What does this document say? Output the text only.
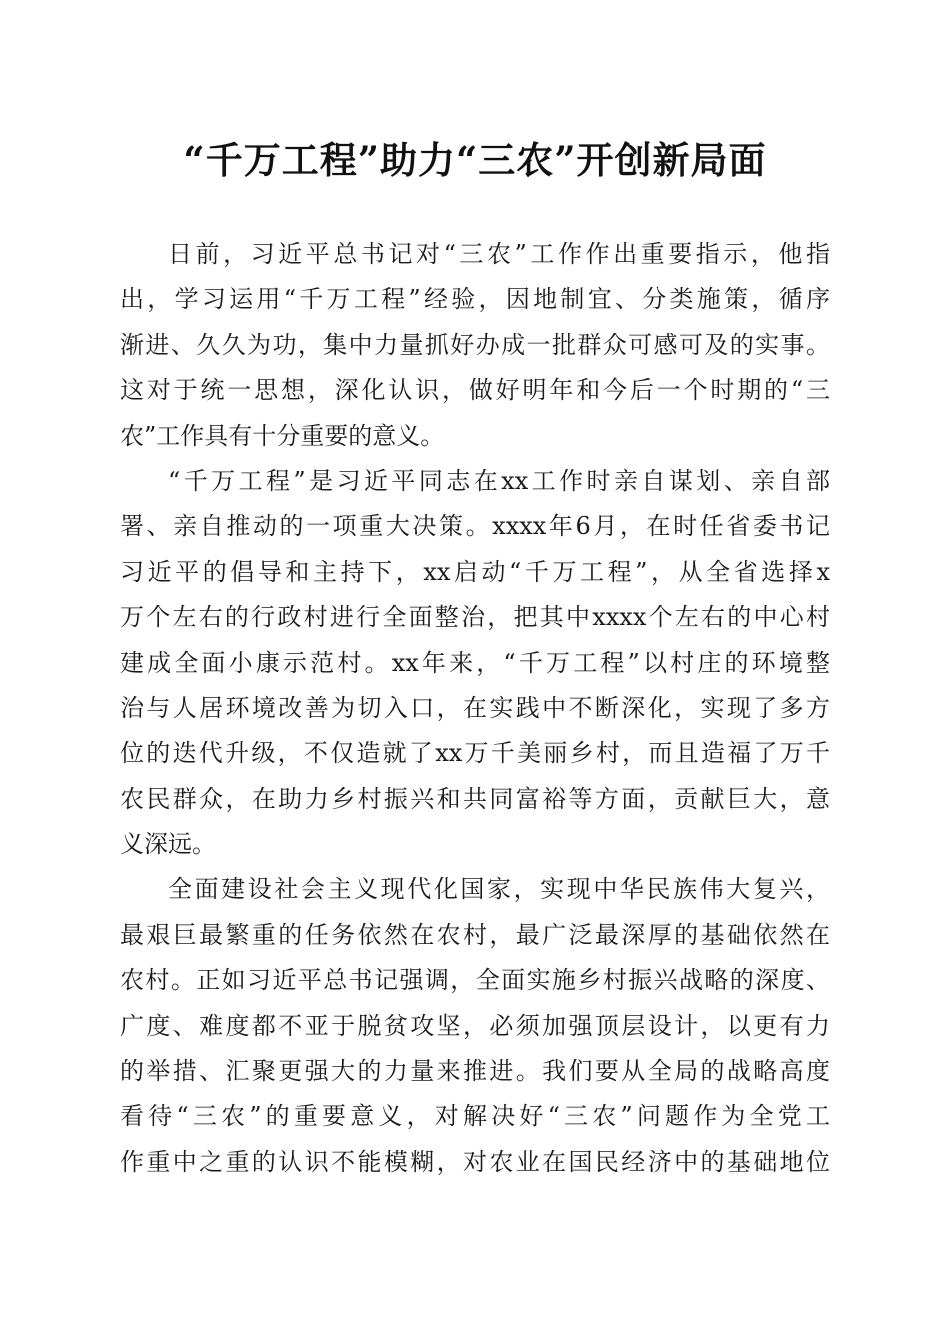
“千万工程”助力“三农”开创新局面
日前，习近平总书记对“三农”工作作出重要指示，他指
出，学习运用“千万工程”经验，因地制宜、分类施策，循序
渐进、久久为功，集中力量抓好办成一批群众可感可及的实事。
这对于统一思想，深化认识，做好明年和今后一个时期的“三
农”工作具有十分重要的意义。
“千万工程”是习近平同志在xx工作时亲自谋划、亲自部
署、亲自推动的一项重大决策。xxxx年6月，在时任省委书记
习近平的倡导和主持下，xx启动“千万工程”，从全省选择x
万个左右的行政村进行全面整治，把其中xxxx个左右的中心村
建成全面小康示范村。xx年来，“千万工程”以村庄的环境整
治与人居环境改善为切入口，在实践中不断深化，实现了多方
位的迭代升级，不仅造就了xx万千美丽乡村，而且造福了万千
农民群众，在助力乡村振兴和共同富裕等方面，贡献巨大，意
义深远。
全面建设社会主义现代化国家，实现中华民族伟大复兴，
最艰巨最繁重的任务依然在农村，最广泛最深厚的基础依然在
农村。正如习近平总书记强调，全面实施乡村振兴战略的深度、
广度、难度都不亚于脱贫攻坚，必须加强顶层设计，以更有力
的举措、汇聚更强大的力量来推进。我们要从全局的战略高度
看待“三农”的重要意义，对解决好“三农”问题作为全党工
作重中之重的认识不能模糊，对农业在国民经济中的基础地位
